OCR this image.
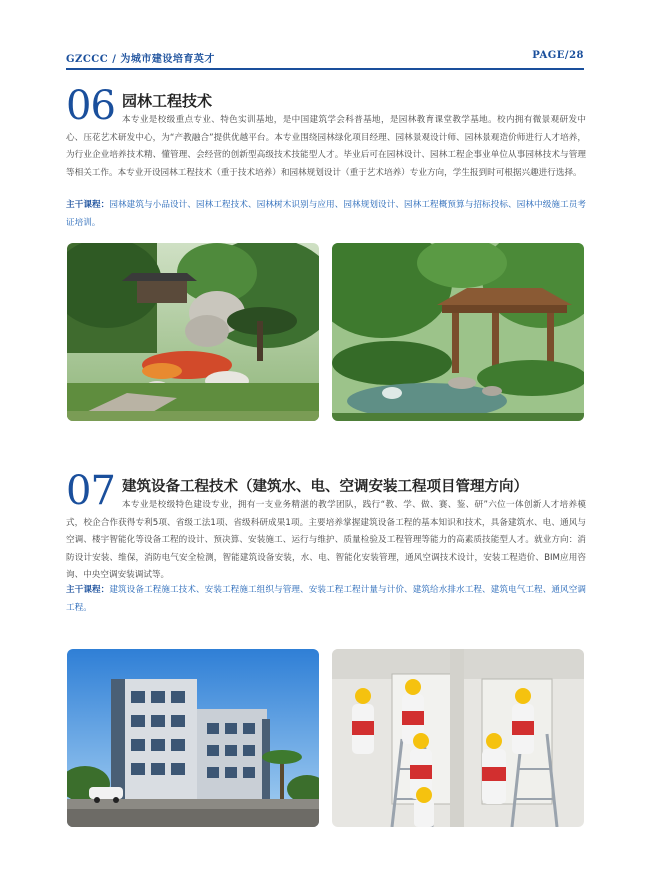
GZCCC / 为城市建设培育英才	PAGE/28
06 园林工程技术
本专业是校级重点专业、特色实训基地，是中国建筑学会科普基地，是园林教育课堂教学基地。校内拥有微景观研发中心、压花艺术研发中心，为“产教融合”提供优越平台。本专业围绕园林绿化项目经理、园林景观设计师、园林景观造价师进行人才培养，为行业企业培养技术精、懂管理、会经营的创新型高级技术技能型人才。毕业后可在园林设计、园林工程企事业单位从事园林技术与管理等相关工作。本专业开设园林工程技术（重于技术培养）和园林规划设计（重于艺术培养）专业方向，学生报到时可根据兴趣进行选择。
主干课程：园林建筑与小品设计、园林工程技术、园林树木识别与应用、园林规划设计、园林工程概预算与招标投标、园林中级施工员考证培训。
07 建筑设备工程技术（建筑水、电、空调安装工程项目管理方向）
本专业是校级特色建设专业，拥有一支业务精湛的教学团队，践行“教、学、做、赛、鉴、研”六位一体创新人才培养模式，校企合作获得专利5项、省级工法1项、省级科研成果1项。主要培养掌握建筑设备工程的基本知识和技术，具备建筑水、电、通风与空调、楼宇智能化等设备工程的设计、预决算、安装施工、运行与维护、质量检验及工程管理等能力的高素质技能型人才。就业方向：消防设计安装、维保，消防电气安全检测，智能建筑设备安装，水、电、智能化安装管理，通风空调技术设计，安装工程造价、BIM应用咨询、中央空调安装调试等。
主干课程：建筑设备工程施工技术、安装工程施工组织与管理、安装工程工程计量与计价、建筑给水排水工程、建筑电气工程、通风空调工程。
